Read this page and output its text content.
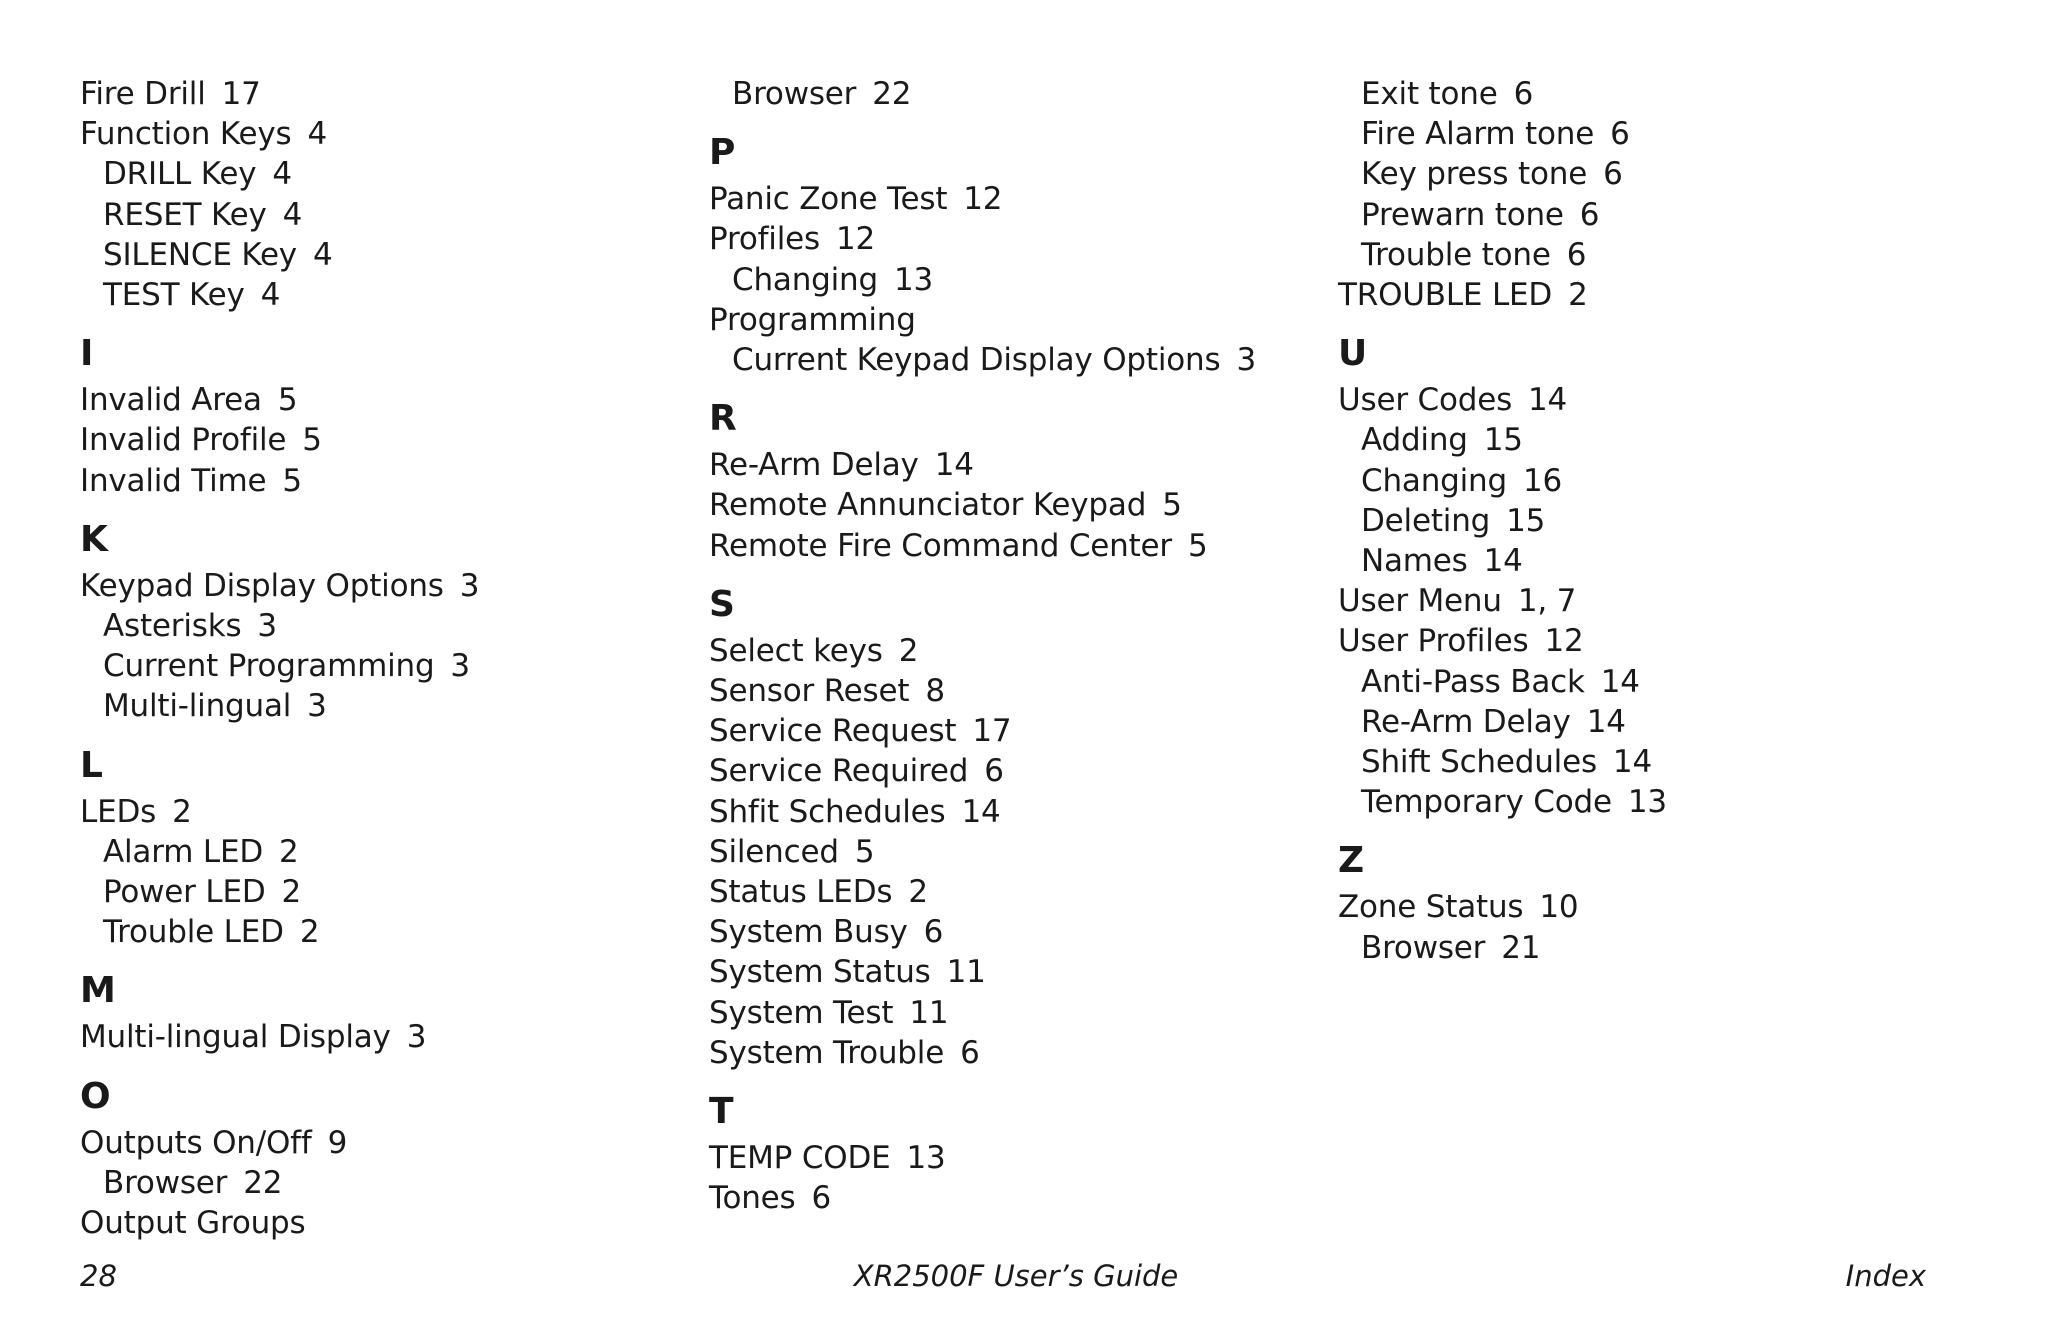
Fire Drill 17
Function Keys 4
DRILL Key 4
RESET Key 4
SILENCE Key 4
TEST Key 4
I
Invalid Area 5
Invalid Profile 5
Invalid Time 5
K
Keypad Display Options 3
Asterisks 3
Current Programming 3
Multi-lingual 3
L
LEDs 2
Alarm LED 2
Power LED 2
Trouble LED 2
M
Multi-lingual Display 3
O
Outputs On/Off 9
Browser 22
Output Groups
Browser 22
P
Panic Zone Test 12
Profiles 12
Changing 13
Programming
Current Keypad Display Options 3
R
Re-Arm Delay 14
Remote Annunciator Keypad 5
Remote Fire Command Center 5
S
Select keys 2
Sensor Reset 8
Service Request 17
Service Required 6
Shfit Schedules 14
Silenced 5
Status LEDs 2
System Busy 6
System Status 11
System Test 11
System Trouble 6
T
TEMP CODE 13
Tones 6
Exit tone 6
Fire Alarm tone 6
Key press tone 6
Prewarn tone 6
Trouble tone 6
TROUBLE LED 2
U
User Codes 14
Adding 15
Changing 16
Deleting 15
Names 14
User Menu 1, 7
User Profiles 12
Anti-Pass Back 14
Re-Arm Delay 14
Shift Schedules 14
Temporary Code 13
Z
Zone Status 10
Browser 21
28	XR2500F User’s Guide	Index
